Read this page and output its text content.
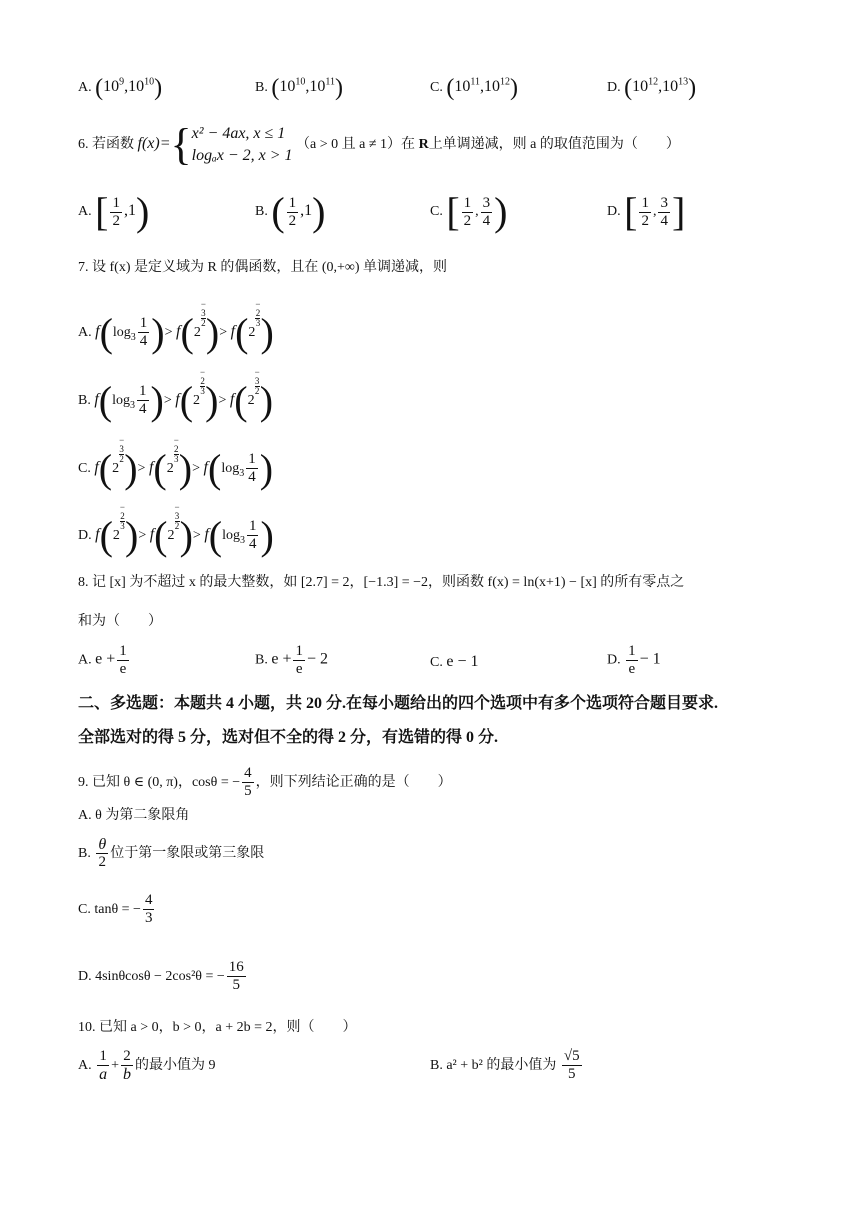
A. $(10^9,10^{10})$	B. $(10^{10},10^{11})$	C. $(10^{11},10^{12})$	D. $(10^{12},10^{13})$
6. 若函数 f(x)={ x² − 4ax, x ≤ 1
logₐx − 2, x > 1
（a > 0 且 a ≠ 1）在 R上单调递减，则 a 的取值范围为（　　）
A. [ $\frac{1}{2} ,1$)	B. ( $\frac{1}{2} ,1$)	C. [ $\frac{1}{2}$ , $\frac{3}{4}$ )	D. [ $\frac{1}{2}$ , $\frac{3}{4}$ ]
7. 设 f(x) 是定义域为 R 的偶函数，且在 (0,+∞) 单调递减，则
A. $f(\log_3 \frac{1}{4}$ )> $f(2^{- 3 2}$ )> $f(2^{- 2 3}$ )
B. $f(\log_3 \frac{1}{4}$ )> $f(2^{- 2 3}$ )> $f(2^{- 3 2}$ )
C. $f(2^{- 3 2}$ )> $f(2^{- 2 3}$ )> $f(\log_3 \frac{1}{4}$ )
D. $f(2^{- 2 3}$ )> $f(2^{- 3 2}$ )> $f(\log_3 \frac{1}{4}$ )
8. 记 [x] 为不超过 x 的最大整数，如 [2.7] = 2，[−1.3] = −2，则函数 f(x) = ln(x+1) − [x] 的所有零点之
和为（　　）
A. $e + \frac{1}{e}$	B. $e + \frac{1}{e} - 2$	C. e − 1	D. $\frac{1}{e} - 1$
二、多选题：本题共 4 小题，共 20 分.在每小题给出的四个选项中有多个选项符合题目要求.
全部选对的得 5 分，选对但不全的得 2 分，有选错的得 0 分.
9. 已知 θ ∈ (0, π)，cosθ = − $\frac{4}{5}$ ，则下列结论正确的是（　　）
A. θ 为第二象限角
B. $\frac{\theta}{2}$ 位于第一象限或第三象限
C. tanθ = − $\frac{4}{3}$
D. 4sinθcosθ − 2cos²θ = − $\frac{16}{5}$
10. 已知 a > 0，b > 0，a + 2b = 2，则（　　）
A. $\frac{1}{a} + \frac{2}{b}$ 的最小值为 9	B. a² + b² 的最小值为 $\frac{√5}{5}$
